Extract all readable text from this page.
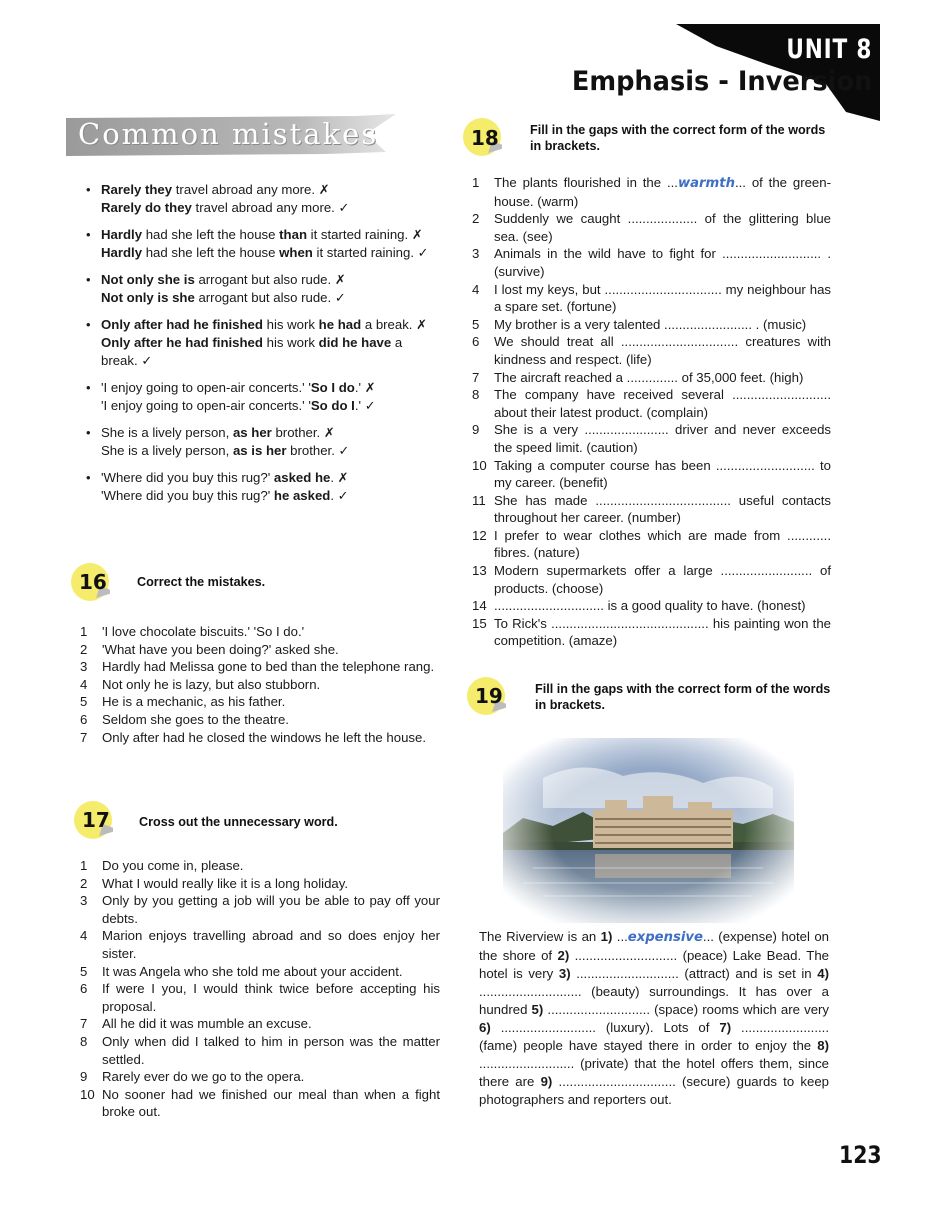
UNIT 8
Emphasis - Inversion
Common mistakes
• Rarely they travel abroad any more. ✗
Rarely do they travel abroad any more. ✓
• Hardly had she left the house than it started raining. ✗
Hardly had she left the house when it started raining. ✓
• Not only she is arrogant but also rude. ✗
Not only is she arrogant but also rude. ✓
• Only after had he finished his work he had a break. ✗
Only after he had finished his work did he have a break. ✓
• 'I enjoy going to open-air concerts.' 'So I do.' ✗
'I enjoy going to open-air concerts.' 'So do I.' ✓
• She is a lively person, as her brother. ✗
She is a lively person, as is her brother. ✓
• 'Where did you buy this rug?' asked he. ✗
'Where did you buy this rug?' he asked. ✓
16 Correct the mistakes.
1	'I love chocolate biscuits.' 'So I do.'
2	'What have you been doing?' asked she.
3	Hardly had Melissa gone to bed than the telephone rang.
4	Not only he is lazy, but also stubborn.
5	He is a mechanic, as his father.
6	Seldom she goes to the theatre.
7	Only after had he closed the windows he left the house.
17 Cross out the unnecessary word.
1	Do you come in, please.
2	What I would really like it is a long holiday.
3	Only by you getting a job will you be able to pay off your debts.
4	Marion enjoys travelling abroad and so does enjoy her sister.
5	It was Angela who she told me about your accident.
6	If were I you, I would think twice before accepting his proposal.
7	All he did it was mumble an excuse.
8	Only when did I talked to him in person was the matter settled.
9	Rarely ever do we go to the opera.
10 No sooner had we finished our meal than when a fight broke out.
18 Fill in the gaps with the correct form of the words in brackets.
1	The plants flourished in the ...warmth... of the green-house. (warm)
2	Suddenly we caught ................... of the glittering blue sea. (see)
3	Animals in the wild have to fight for ........................... . (survive)
4	I lost my keys, but ................................ my neighbour has a spare set. (fortune)
5	My brother is a very talented ........................ . (music)
6	We should treat all ................................ creatures with kindness and respect. (life)
7	The aircraft reached a .............. of 35,000 feet. (high)
8	The company have received several ........................... about their latest product. (complain)
9	She is a very ....................... driver and never exceeds the speed limit. (caution)
10 Taking a computer course has been ........................... to my career. (benefit)
11 She has made ..................................... useful contacts throughout her career. (number)
12 I prefer to wear clothes which are made from ............ fibres. (nature)
13 Modern supermarkets offer a large ......................... of products. (choose)
14 .............................. is a good quality to have. (honest)
15 To Rick's ........................................... his painting won the competition. (amaze)
19	Fill in the gaps with the correct form of the words in brackets.
The Riverview is an 1) ...expensive... (expense) hotel on the shore of 2) ............................ (peace) Lake Bead. The hotel is very 3) ............................ (attract) and is set in 4) ............................ (beauty) surroundings. It has over a hundred 5) ............................ (space) rooms which are very 6) .......................... (luxury). Lots of 7) ........................ (fame) people have stayed there in order to enjoy the 8) .......................... (private) that the hotel offers them, since there are 9) ................................ (secure) guards to keep photographers and reporters out.
123
